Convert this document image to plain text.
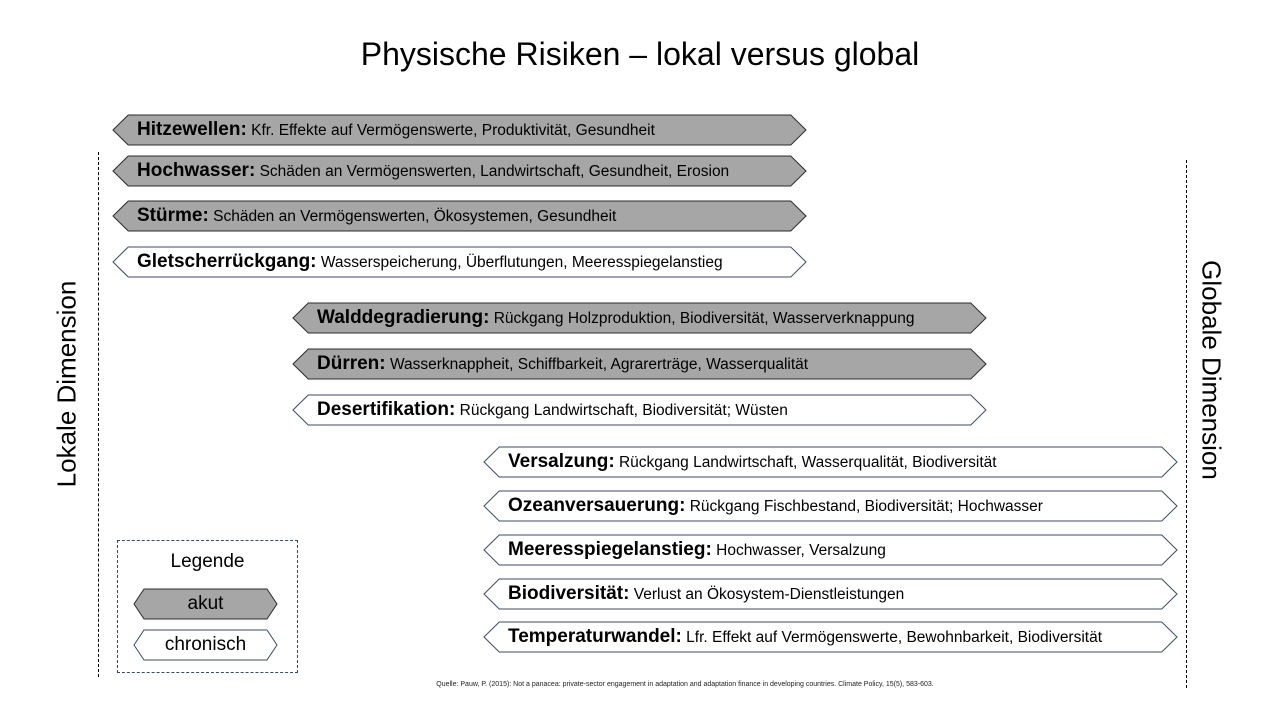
Physische Risiken – lokal versus global
Lokale Dimension	Globale Dimension
Hitzewellen: Kfr. Effekte auf Vermögenswerte, Produktivität, Gesundheit
Hochwasser: Schäden an Vermögenswerten, Landwirtschaft, Gesundheit, Erosion
Stürme: Schäden an Vermögenswerten, Ökosystemen, Gesundheit
Gletscherrückgang: Wasserspeicherung, Überflutungen, Meeresspiegelanstieg
Walddegradierung: Rückgang Holzproduktion, Biodiversität, Wasserverknappung
Dürren: Wasserknappheit, Schiffbarkeit, Agrarerträge, Wasserqualität
Desertifikation: Rückgang Landwirtschaft, Biodiversität; Wüsten
Versalzung: Rückgang Landwirtschaft, Wasserqualität, Biodiversität
Ozeanversauerung: Rückgang Fischbestand, Biodiversität; Hochwasser
Meeresspiegelanstieg: Hochwasser, Versalzung
Biodiversität: Verlust an Ökosystem-Dienstleistungen
Temperaturwandel: Lfr. Effekt auf Vermögenswerte, Bewohnbarkeit, Biodiversität
Legende
akut
chronisch
Quelle: Pauw, P. (2015): Not a panacea: private-sector engagement in adaptation and adaptation finance in developing countries. Climate Policy, 15(5), 583-603.
